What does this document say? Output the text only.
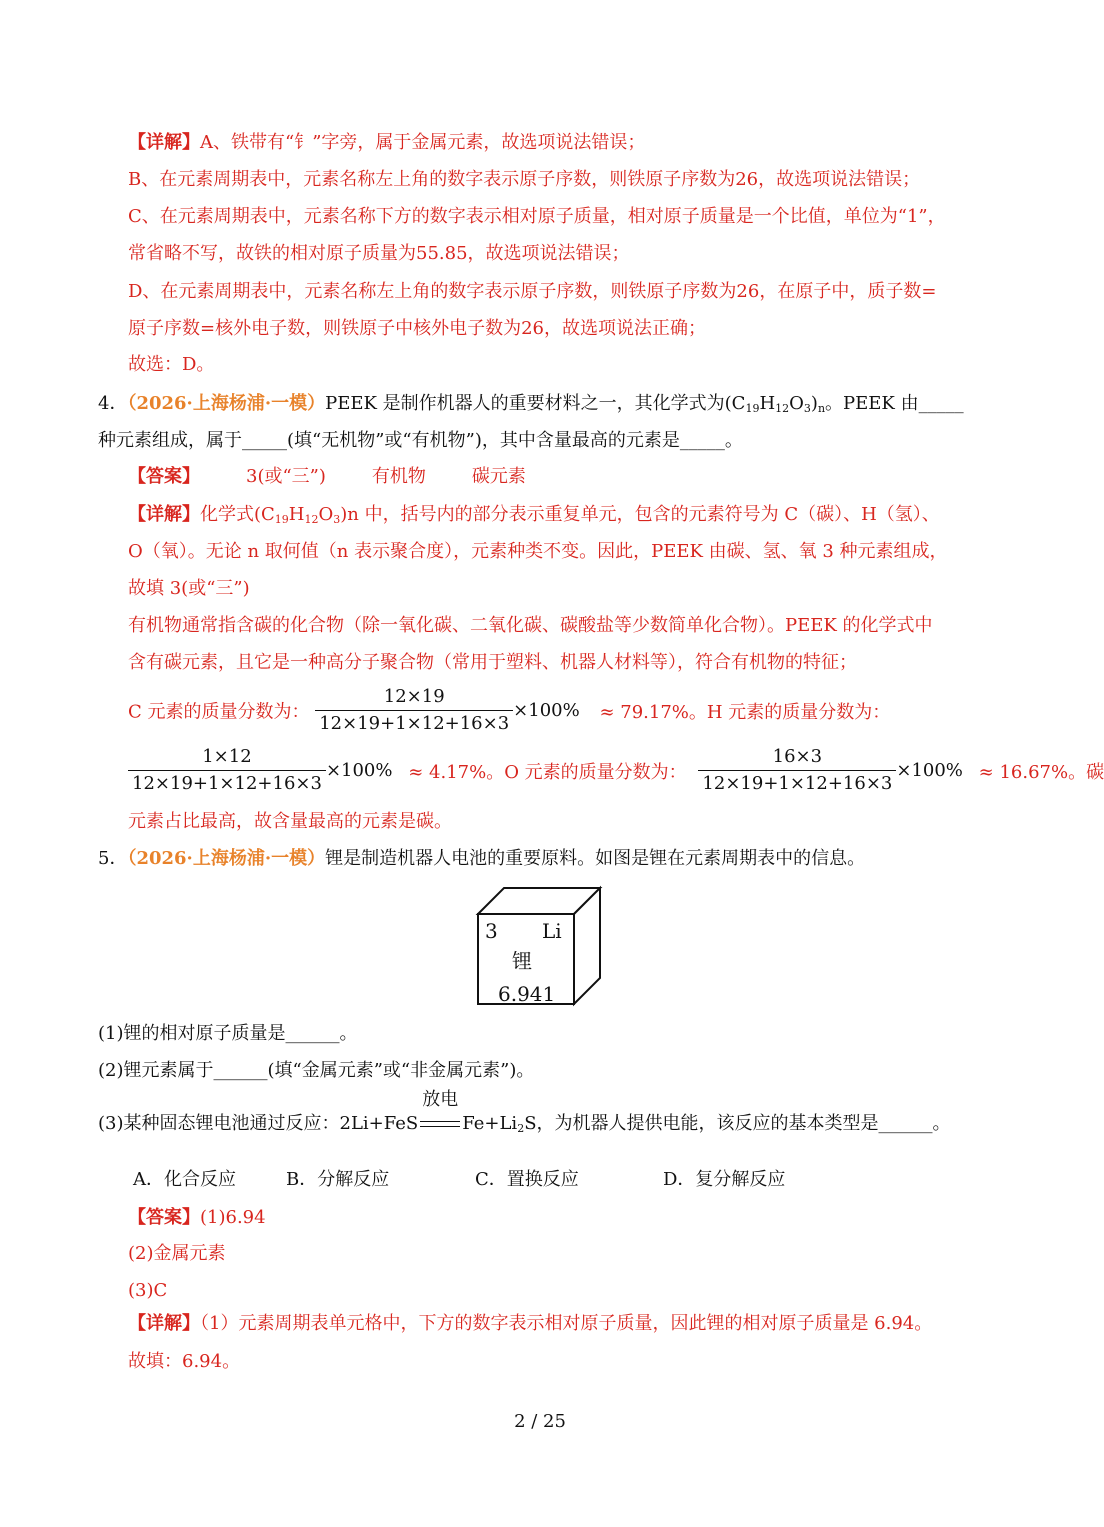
【详解】A、铁带有“钅”字旁，属于金属元素，故选项说法错误；
B、在元素周期表中，元素名称左上角的数字表示原子序数，则铁原子序数为26，故选项说法错误；
C、在元素周期表中，元素名称下方的数字表示相对原子质量，相对原子质量是一个比值，单位为“1”，
常省略不写，故铁的相对原子质量为55.85，故选项说法错误；
D、在元素周期表中，元素名称左上角的数字表示原子序数，则铁原子序数为26，在原子中，质子数=
原子序数=核外电子数，则铁原子中核外电子数为26，故选项说法正确；
故选：D。
4．（2026·上海杨浦·一模）PEEK 是制作机器人的重要材料之一，其化学式为$(C_{19}H_{12}O_3)_n$。PEEK 由_____
种元素组成，属于_____(填“无机物”或“有机物”)，其中含量最高的元素是_____。
【答案】	3(或“三”)	有机物	碳元素
【详解】化学式$(C_{19}H_{12}O_3)n$ 中，括号内的部分表示重复单元，包含的元素符号为 C（碳）、H（氢）、
O（氧）。无论 n 取何值（n 表示聚合度），元素种类不变。因此，PEEK 由碳、氢、氧 3 种元素组成，
故填 3(或“三”)
有机物通常指含碳的化合物（除一氧化碳、二氧化碳、碳酸盐等少数简单化合物）。PEEK 的化学式中
含有碳元素，且它是一种高分子聚合物（常用于塑料、机器人材料等），符合有机物的特征；
C 元素的质量分数为： $\frac{12\times 19}{12\times 19+1\times 12+16\times 3} \times 100\% \approx 79.17\%$。H 元素的质量分数为：
$\frac{1\times 12}{12\times 19+1\times 12+16\times 3} \times 100\% \approx 4.17\%$。O 元素的质量分数为： $\frac{16\times 3}{12\times 19+1\times 12+16\times 3} \times 100\% \approx 16.67\%$。碳
元素占比最高，故含量最高的元素是碳。
5．（2026·上海杨浦·一模）锂是制造机器人电池的重要原料。如图是锂在元素周期表中的信息。
3 Li
锂
6.941
(1)锂的相对原子质量是______。
(2)锂元素属于______(填“金属元素”或“非金属元素”)。
(3)某种固态锂电池通过反应：2Li+FeS
放电
$Fe+Li_2S$，为机器人提供电能，该反应的基本类型是______。
A．化合反应	B．分解反应	C．置换反应	D．复分解反应
【答案】(1)6.94
(2)金属元素
(3)C
【详解】（1）元素周期表单元格中，下方的数字表示相对原子质量，因此锂的相对原子质量是 6.94。
故填：6.94。
2 / 25
